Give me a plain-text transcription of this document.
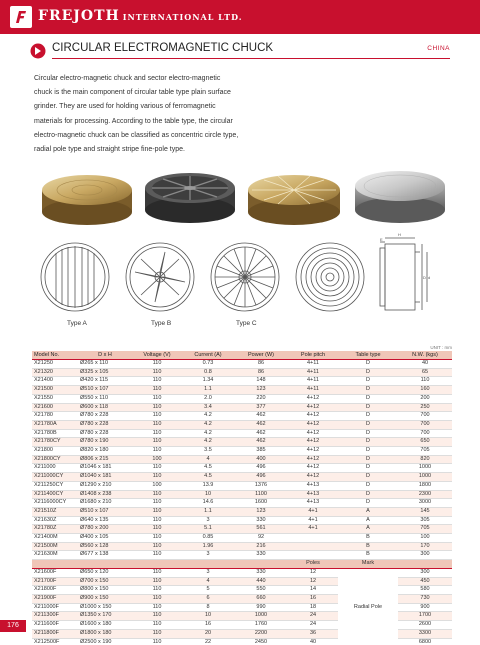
FREJOTH INTERNATIONAL LTD.
CIRCULAR ELECTROMAGNETIC CHUCK	CHINA
Circular electro-magnetic chuck and sector electro-magnetic
chuck is the main component of circular table type plain surface
grinder. They are used for holding various of ferromagnetic
materials for processing. According to the table type, the circular
electro-magnetic chuck can be classified as concentric circle type,
radial pole type and straight stripe fine-pole type.
E
H
D d
Type A	Type B	Type C
UNIT : mm
Model No.	D x H	Voltage (V)	Current (A)	Power (W)	Pole pitch	Table type	N.W. (kgs)
X21250	Ø265 x 110	110	0.73	86	4+11	D	40
X21320	Ø325 x 105	110	0.8	86	4+11	D	65
X21400	Ø420 x 115	110	1.34	148	4+11	D	110
X21500	Ø510 x 107	110	1.1	123	4+11	D	160
X21550	Ø550 x 110	110	2.0	220	4+12	D	200
X21600	Ø600 x 118	110	3.4	377	4+12	D	250
X21780	Ø780 x 228	110	4.2	462	4+12	D	700
X21780A	Ø780 x 228	110	4.2	462	4+12	D	700
X21780B	Ø780 x 228	110	4.2	462	4+12	D	700
X21780CY	Ø780 x 190	110	4.2	462	4+12	D	650
X21800	Ø820 x 180	110	3.5	385	4+12	D	705
X21800CY	Ø806 x 215	100	4	400	4+12	D	820
X211000	Ø1046 x 181	110	4.5	496	4+12	D	1000
X211000CY	Ø1040 x 181	110	4.5	496	4+12	D	1000
X211250CY	Ø1290 x 210	100	13.9	1376	4+13	D	1800
X211400CY	Ø1408 x 238	110	10	1100	4+13	D	2300
X2116000CY	Ø1680 x 210	110	14.6	1600	4+13	D	3000
X21510Z	Ø510 x 107	110	1.1	123	4+1	A	145
X21630Z	Ø640 x 135	110	3	330	4+1	A	305
X21780Z	Ø780 x 200	110	5.1	561	4+1	A	705
X21400M	Ø400 x 105	110	0.85	92		B	100
X21500M	Ø560 x 128	110	1.96	216		B	170
X21630M	Ø677 x 138	110	3	330		B	300
					Poles	Mark	
X21600F	Ø650 x 120	110	3	330	12	Radial Pole	300
X21700F	Ø700 x 150	110	4	440	12		450
X21800F	Ø800 x 150	110	5	550	14		580
X21900F	Ø900 x 150	110	6	660	16		730
X211000F	Ø1000 x 150	110	8	990	18		900
X211300F	Ø1350 x 170	110	10	1000	24		1700
X211600F	Ø1600 x 180	110	16	1760	24		2600
X211800F	Ø1800 x 180	110	20	2200	36		3300
X212500F	Ø2500 x 190	110	22	2450	40		6800
176
